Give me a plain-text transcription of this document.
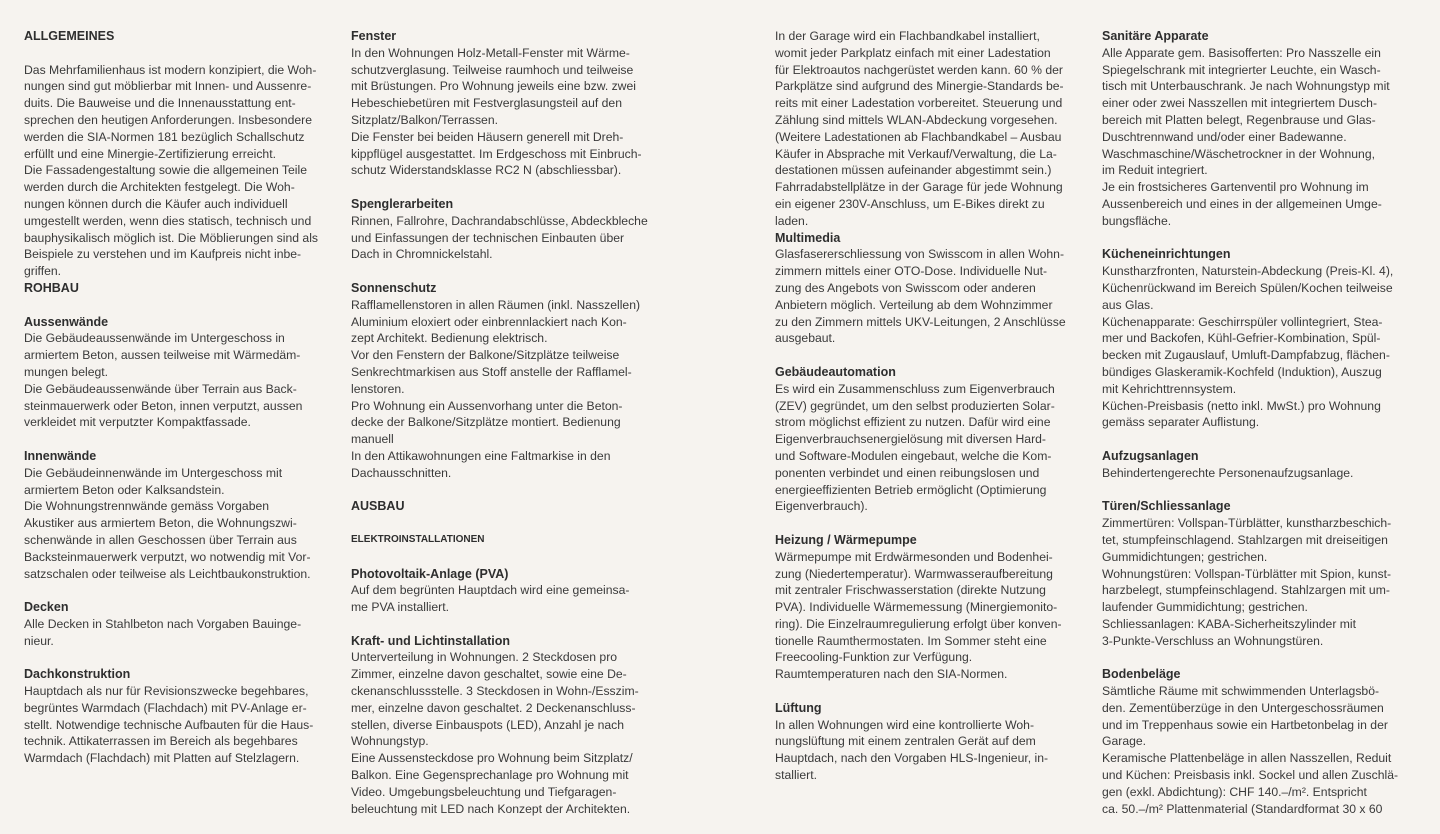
ALLGEMEINES

Das Mehrfamilienhaus ist modern konzipiert, die Woh-
nungen sind gut möblierbar mit Innen- und Aussenre-
duits. Die Bauweise und die Innenausstattung ent-
sprechen den heutigen Anforderungen. Insbesondere
werden die SIA-Normen 181 bezüglich Schallschutz
erfüllt und eine Minergie-Zertifizierung erreicht.

Die Fassadengestaltung sowie die allgemeinen Teile
werden durch die Architekten festgelegt. Die Woh-
nungen können durch die Käufer auch individuell
umgestellt werden, wenn dies statisch, technisch und
bauphysikalisch möglich ist. Die Möblierungen sind als
Beispiele zu verstehen und im Kaufpreis nicht inbe-
griffen.

ROHBAU
Aussenwände

Die Gebäudeaussenwände im Untergeschoss in
armiertem Beton, aussen teilweise mit Wärmedäm-
mungen belegt.
Die Gebäudeaussenwände über Terrain aus Back-
steinmauerwerk oder Beton, innen verputzt, aussen
verkleidet mit verputzter Kompaktfassade.

Innenwände

Die Gebäudeinnenwände im Untergeschoss mit
armiertem Beton oder Kalksandstein.
Die Wohnungstrennwände gemäss Vorgaben
Akustiker aus armiertem Beton, die Wohnungszwi-
schenwände in allen Geschossen über Terrain aus
Backsteinmauerwerk verputzt, wo notwendig mit Vor-
satzschalen oder teilweise als Leichtbaukonstruktion.

Decken

Alle Decken in Stahlbeton nach Vorgaben Bauinge-
nieur.

Dachkonstruktion

Hauptdach als nur für Revisionszwecke begehbares,
begrüntes Warmdach (Flachdach) mit PV-Anlage er-
stellt. Notwendige technische Aufbauten für die Haus-
technik. Attikaterrassen im Bereich als begehbares
Warmdach (Flachdach) mit Platten auf Stelzlagern.

Fenster

In den Wohnungen Holz-Metall-Fenster mit Wärme-
schutzverglasung. Teilweise raumhoch und teilweise
mit Brüstungen. Pro Wohnung jeweils eine bzw. zwei
Hebeschiebetüren mit Festverglasungsteil auf den
Sitzplatz/Balkon/Terrassen.
Die Fenster bei beiden Häusern generell mit Dreh-
kippflügel ausgestattet. Im Erdgeschoss mit Einbruch-
schutz Widerstandsklasse RC2 N (abschliessbar).

Spenglerarbeiten

Rinnen, Fallrohre, Dachrandabschlüsse, Abdeckbleche
und Einfassungen der technischen Einbauten über
Dach in Chromnickelstahl.

Sonnenschutz

Rafflamellenstoren in allen Räumen (inkl. Nasszellen)
Aluminium eloxiert oder einbrennlackiert nach Kon-
zept Architekt. Bedienung elektrisch.
Vor den Fenstern der Balkone/Sitzplätze teilweise
Senkrechtmarkisen aus Stoff anstelle der Rafflamel-
lenstoren.
Pro Wohnung ein Aussenvorhang unter die Beton-
decke der Balkone/Sitzplätze montiert. Bedienung
manuell
In den Attikawohnungen eine Faltmarkise in den
Dachausschnitten.

AUSBAU
ELEKTROINSTALLATIONEN
Photovoltaik-Anlage (PVA)

Auf dem begrünten Hauptdach wird eine gemeinsa-
me PVA installiert.

Kraft- und Lichtinstallation

Unterverteilung in Wohnungen. 2 Steckdosen pro
Zimmer, einzelne davon geschaltet, sowie eine De-
ckenanschlussstelle. 3 Steckdosen in Wohn-/Esszim-
mer, einzelne davon geschaltet. 2 Deckenanschluss-
stellen, diverse Einbauspots (LED), Anzahl je nach
Wohnungstyp.
Eine Aussensteckdose pro Wohnung beim Sitzplatz/
Balkon. Eine Gegensprechanlage pro Wohnung mit
Video. Umgebungsbeleuchtung und Tiefgaragen-
beleuchtung mit LED nach Konzept der Architekten.

In der Garage wird ein Flachbandkabel installiert,
womit jeder Parkplatz einfach mit einer Ladestation
für Elektroautos nachgerüstet werden kann. 60 % der
Parkplätze sind aufgrund des Minergie-Standards be-
reits mit einer Ladestation vorbereitet. Steuerung und
Zählung sind mittels WLAN-Abdeckung vorgesehen.
(Weitere Ladestationen ab Flachbandkabel – Ausbau
Käufer in Absprache mit Verkauf/Verwaltung, die La-
destationen müssen aufeinander abgestimmt sein.)
Fahrradabstellplätze in der Garage für jede Wohnung
ein eigener 230V-Anschluss, um E-Bikes direkt zu
laden.

Multimedia

Glasfasererschliessung von Swisscom in allen Wohn-
zimmern mittels einer OTO-Dose. Individuelle Nut-
zung des Angebots von Swisscom oder anderen
Anbietern möglich. Verteilung ab dem Wohnzimmer
zu den Zimmern mittels UKV-Leitungen, 2 Anschlüsse
ausgebaut.

Gebäudeautomation

Es wird ein Zusammenschluss zum Eigenverbrauch
(ZEV) gegründet, um den selbst produzierten Solar-
strom möglichst effizient zu nutzen. Dafür wird eine
Eigenverbrauchsenergielösung mit diversen Hard-
und Software-Modulen eingebaut, welche die Kom-
ponenten verbindet und einen reibungslosen und
energieeffizienten Betrieb ermöglicht (Optimierung
Eigenverbrauch).

Heizung / Wärmepumpe

Wärmepumpe mit Erdwärmesonden und Bodenhei-
zung (Niedertemperatur). Warmwasseraufbereitung
mit zentraler Frischwasserstation (direkte Nutzung
PVA). Individuelle Wärmemessung (Minergiemonito-
ring). Die Einzelraumregulierung erfolgt über konven-
tionelle Raumthermostaten. Im Sommer steht eine
Freecooling-Funktion zur Verfügung.
Raumtemperaturen nach den SIA-Normen.

Lüftung

In allen Wohnungen wird eine kontrollierte Woh-
nungslüftung mit einem zentralen Gerät auf dem
Hauptdach, nach den Vorgaben HLS-Ingenieur, in-
stalliert.

Sanitäre Apparate

Alle Apparate gem. Basisofferten: Pro Nasszelle ein
Spiegelschrank mit integrierter Leuchte, ein Wasch-
tisch mit Unterbauschrank. Je nach Wohnungstyp mit
einer oder zwei Nasszellen mit integriertem Dusch-
bereich mit Platten belegt, Regenbrause und Glas-
Duschtrennwand und/oder einer Badewanne.
Waschmaschine/Wäschetrockner in der Wohnung,
im Reduit integriert.
Je ein frostsicheres Gartenventil pro Wohnung im
Aussenbereich und eines in der allgemeinen Umge-
bungsfläche.

Kücheneinrichtungen

Kunstharzfronten, Naturstein-Abdeckung (Preis-Kl. 4),
Küchenrückwand im Bereich Spülen/Kochen teilweise
aus Glas.
Küchenapparate: Geschirrspüler vollintegriert, Stea-
mer und Backofen, Kühl-Gefrier-Kombination, Spül-
becken mit Zugauslauf, Umluft-Dampfabzug, flächen-
bündiges Glaskeramik-Kochfeld (Induktion), Auszug
mit Kehrichttrennsystem.
Küchen-Preisbasis (netto inkl. MwSt.) pro Wohnung
gemäss separater Auflistung.

Aufzugsanlagen

Behindertengerechte Personenaufzugsanlage.

Türen/Schliessanlage

Zimmertüren: Vollspan-Türblätter, kunstharzbeschich-
tet, stumpfeinschlagend. Stahlzargen mit dreiseitigen
Gummidichtungen; gestrichen.
Wohnungstüren: Vollspan-Türblätter mit Spion, kunst-
harzbelegt, stumpfeinschlagend. Stahlzargen mit um-
laufender Gummidichtung; gestrichen.
Schliessanlagen: KABA-Sicherheitszylinder mit
3-Punkte-Verschluss an Wohnungstüren.

Bodenbeläge

Sämtliche Räume mit schwimmenden Unterlagsbö-
den. Zementüberzüge in den Untergeschossräumen
und im Treppenhaus sowie ein Hartbetonbelag in der
Garage.
Keramische Plattenbeläge in allen Nasszellen, Reduit
und Küchen: Preisbasis inkl. Sockel und allen Zuschlä-
gen (exkl. Abdichtung): CHF 140.–/m². Entspricht
ca. 50.–/m² Plattenmaterial (Standardformat 30 x 60
